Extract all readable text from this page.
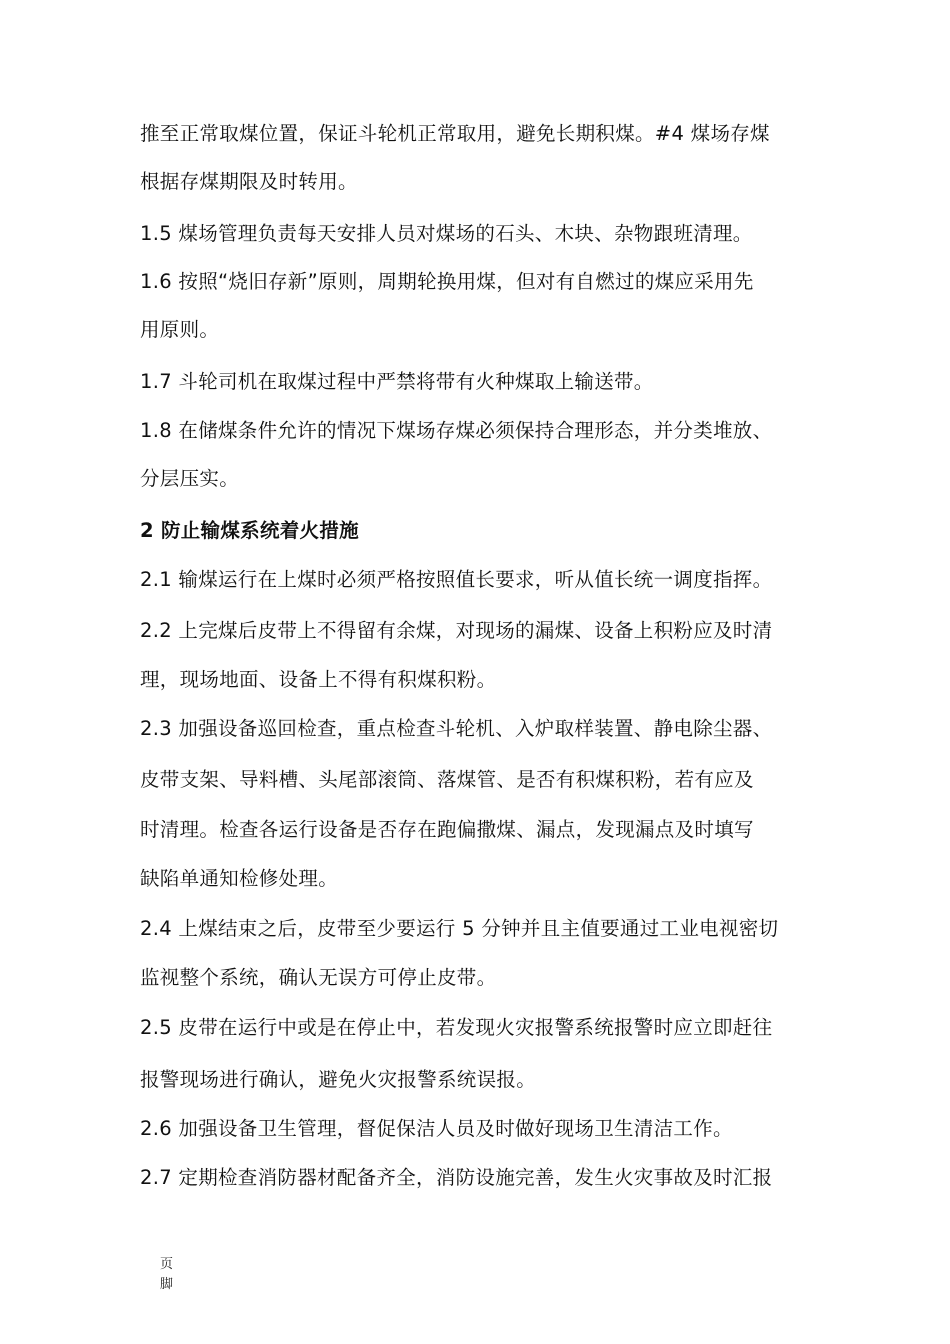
推至正常取煤位置，保证斗轮机正常取用，避免长期积煤。#4 煤场存煤
根据存煤期限及时转用。
1.5 煤场管理负责每天安排人员对煤场的石头、木块、杂物跟班清理。
1.6 按照“烧旧存新”原则，周期轮换用煤，但对有自燃过的煤应采用先
用原则。
1.7 斗轮司机在取煤过程中严禁将带有火种煤取上输送带。
1.8 在储煤条件允许的情况下煤场存煤必须保持合理形态，并分类堆放、
分层压实。
2 防止输煤系统着火措施
2.1 输煤运行在上煤时必须严格按照值长要求，听从值长统一调度指挥。
2.2 上完煤后皮带上不得留有余煤，对现场的漏煤、设备上积粉应及时清
理，现场地面、设备上不得有积煤积粉。
2.3 加强设备巡回检查，重点检查斗轮机、入炉取样装置、静电除尘器、
皮带支架、导料槽、头尾部滚筒、落煤管、是否有积煤积粉，若有应及
时清理。检查各运行设备是否存在跑偏撒煤、漏点，发现漏点及时填写
缺陷单通知检修处理。
2.4 上煤结束之后，皮带至少要运行 5 分钟并且主值要通过工业电视密切
监视整个系统，确认无误方可停止皮带。
2.5 皮带在运行中或是在停止中，若发现火灾报警系统报警时应立即赶往
报警现场进行确认，避免火灾报警系统误报。
2.6 加强设备卫生管理，督促保洁人员及时做好现场卫生清洁工作。
2.7 定期检查消防器材配备齐全，消防设施完善，发生火灾事故及时汇报
页
脚
